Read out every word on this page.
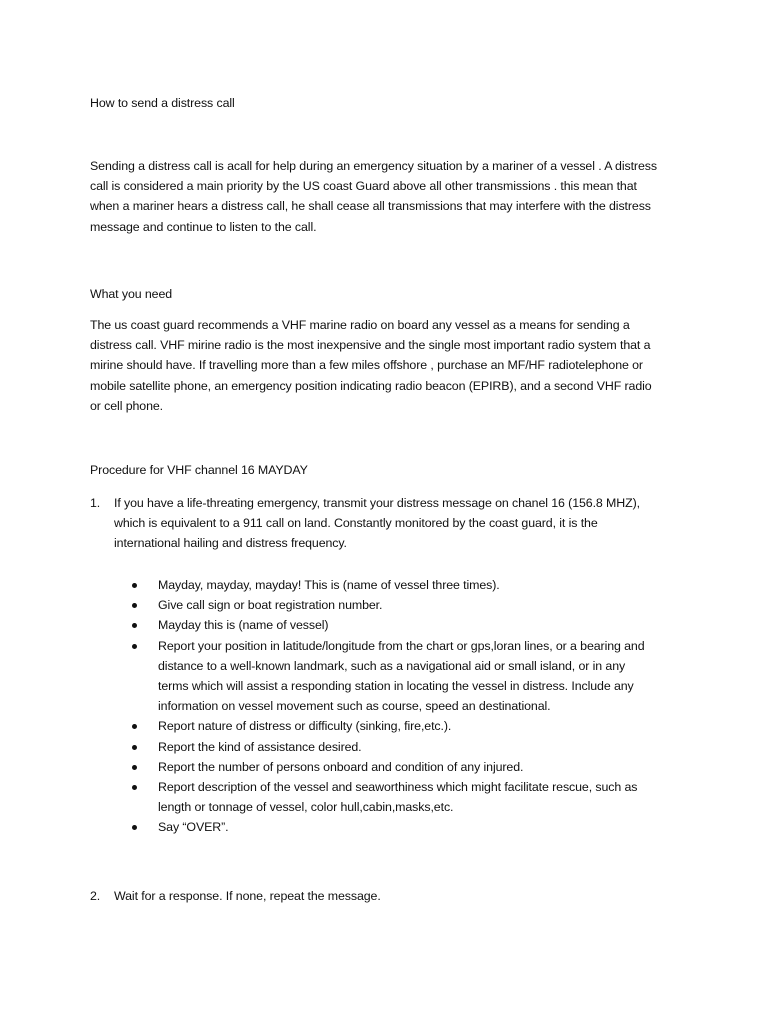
How to send a distress call
Sending a distress call is acall for help during an emergency situation by a mariner of a vessel . A distress
call is considered a main priority by the US coast Guard above all other transmissions . this mean that
when a mariner hears a distress call, he shall cease all transmissions that may interfere with the distress
message and continue to listen to the call.
What you need
The us coast guard recommends a VHF marine radio on board any vessel as a means for sending a
distress call. VHF mirine radio is the most inexpensive and the single most important radio system that a
mirine should have. If travelling more than a few miles offshore , purchase an MF/HF radiotelephone or
mobile satellite phone, an emergency position indicating radio beacon (EPIRB), and a second VHF radio
or cell phone.
Procedure for VHF channel 16 MAYDAY
1. If you have a life-threating emergency, transmit your distress message on chanel 16 (156.8 MHZ),
which is equivalent to a 911 call on land. Constantly monitored by the coast guard, it is the
international hailing and distress frequency.
Mayday, mayday, mayday! This is (name of vessel three times).
Give call sign or boat registration number.
Mayday this is (name of vessel)
Report your position in latitude/longitude from the chart or gps,loran lines, or a bearing and
distance to a well-known landmark, such as a navigational aid or small island, or in any
terms which will assist a responding station in locating the vessel in distress. Include any
information on vessel movement such as course, speed an destinational.
Report nature of distress or difficulty (sinking, fire,etc.).
Report the kind of assistance desired.
Report the number of persons onboard and condition of any injured.
Report description of the vessel and seaworthiness which might facilitate rescue, such as
length or tonnage of vessel, color hull,cabin,masks,etc.
Say “OVER”.
2. Wait for a response. If none, repeat the message.
